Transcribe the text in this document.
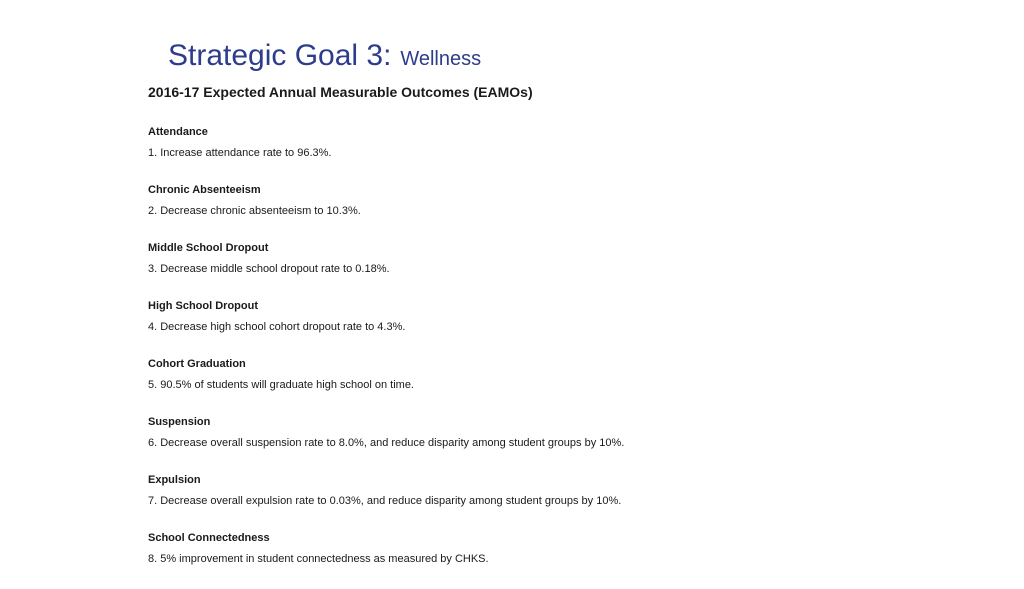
Strategic Goal 3: Wellness
2016-17 Expected Annual Measurable Outcomes (EAMOs)
Attendance
1. Increase attendance rate to 96.3%.
Chronic Absenteeism
2. Decrease chronic absenteeism to 10.3%.
Middle School Dropout
3. Decrease middle school dropout rate to 0.18%.
High School Dropout
4. Decrease high school cohort dropout rate to 4.3%.
Cohort Graduation
5. 90.5% of students will graduate high school on time.
Suspension
6. Decrease overall suspension rate to 8.0%, and reduce disparity among student groups by 10%.
Expulsion
7. Decrease overall expulsion rate to 0.03%, and reduce disparity among student groups by 10%.
School Connectedness
8. 5% improvement in student connectedness as measured by CHKS.
